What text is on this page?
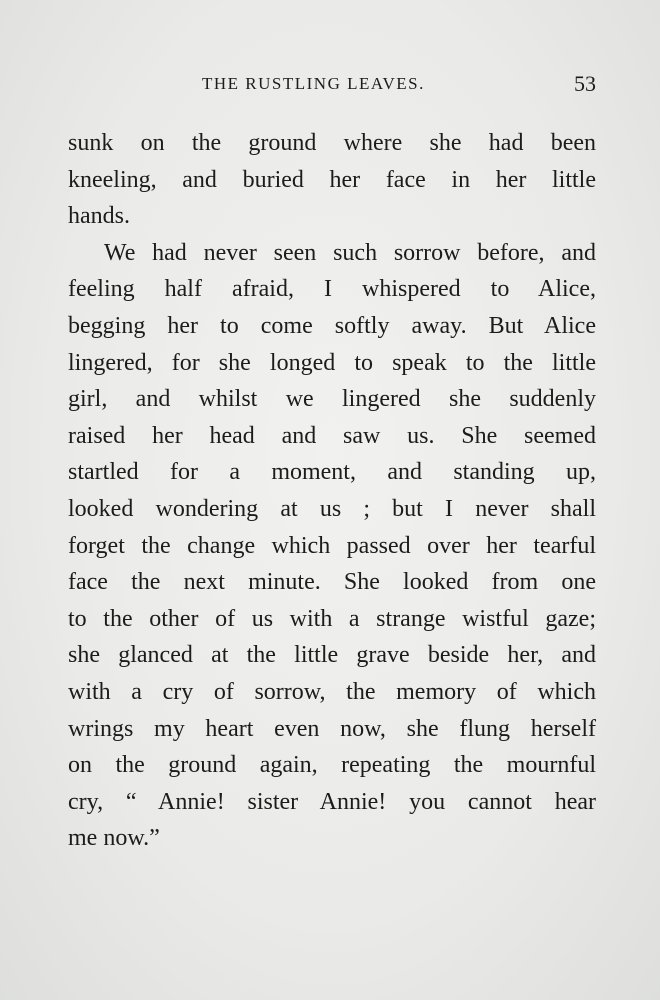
THE RUSTLING LEAVES.	53
sunk on the ground where she had been
kneeling, and buried her face in her little
hands.
We had never seen such sorrow before, and
feeling half afraid, I whispered to Alice,
begging her to come softly away. But Alice
lingered, for she longed to speak to the little
girl, and whilst we lingered she suddenly
raised her head and saw us. She seemed
startled for a moment, and standing up,
looked wondering at us ; but I never shall
forget the change which passed over her tearful
face the next minute. She looked from one
to the other of us with a strange wistful gaze;
she glanced at the little grave beside her, and
with a cry of sorrow, the memory of which
wrings my heart even now, she flung herself
on the ground again, repeating the mournful
cry, “ Annie! sister Annie! you cannot hear
me now.”
